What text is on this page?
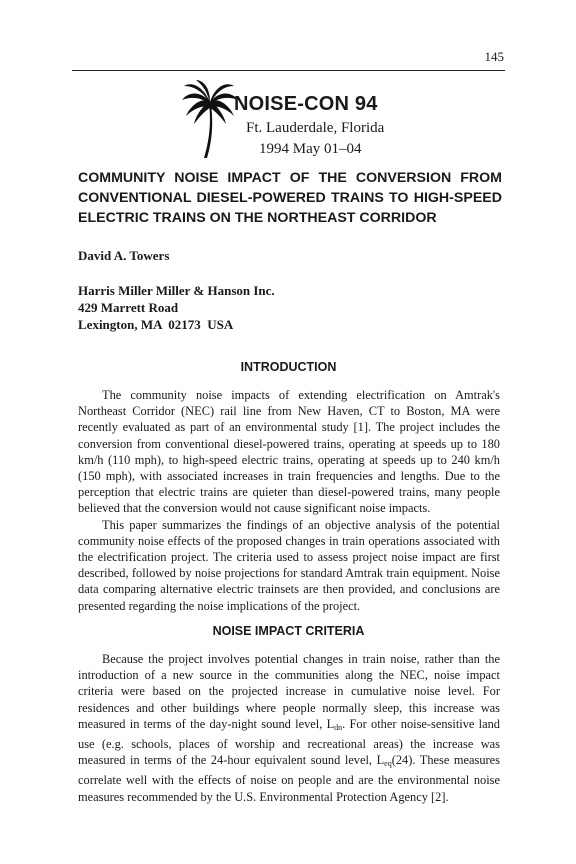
145
NOISE-CON 94
Ft. Lauderdale, Florida
1994 May 01–04
COMMUNITY NOISE IMPACT OF THE CONVERSION FROM CONVENTIONAL DIESEL-POWERED TRAINS TO HIGH-SPEED ELECTRIC TRAINS ON THE NORTHEAST CORRIDOR

David A. Towers

Harris Miller Miller & Hanson Inc.
429 Marrett Road
Lexington, MA  02173  USA
INTRODUCTION

The community noise impacts of extending electrification on Amtrak's Northeast Corridor (NEC) rail line from New Haven, CT to Boston, MA were recently evaluated as part of an environmental study [1]. The project includes the conversion from conventional diesel-powered trains, operating at speeds up to 180 km/h (110 mph), to high-speed electric trains, operating at speeds up to 240 km/h (150 mph), with associated increases in train frequencies and lengths. Due to the perception that electric trains are quieter than diesel-powered trains, many people believed that the conversion would not cause significant noise impacts.

This paper summarizes the findings of an objective analysis of the potential community noise effects of the proposed changes in train operations associated with the electrification project. The criteria used to assess project noise impact are first described, followed by noise projections for standard Amtrak train equipment. Noise data comparing alternative electric trainsets are then provided, and conclusions are presented regarding the noise implications of the project.

NOISE IMPACT CRITERIA

Because the project involves potential changes in train noise, rather than the introduction of a new source in the communities along the NEC, noise impact criteria were based on the projected increase in cumulative noise level. For residences and other buildings where people normally sleep, this increase was measured in terms of the day-night sound level, $L_{dn}$. For other noise-sensitive land use (e.g. schools, places of worship and recreational areas) the increase was measured in terms of the 24-hour equivalent sound level, $L_{eq}(24)$. These measures correlate well with the effects of noise on people and are the environmental noise measures recommended by the U.S. Environmental Protection Agency [2].
